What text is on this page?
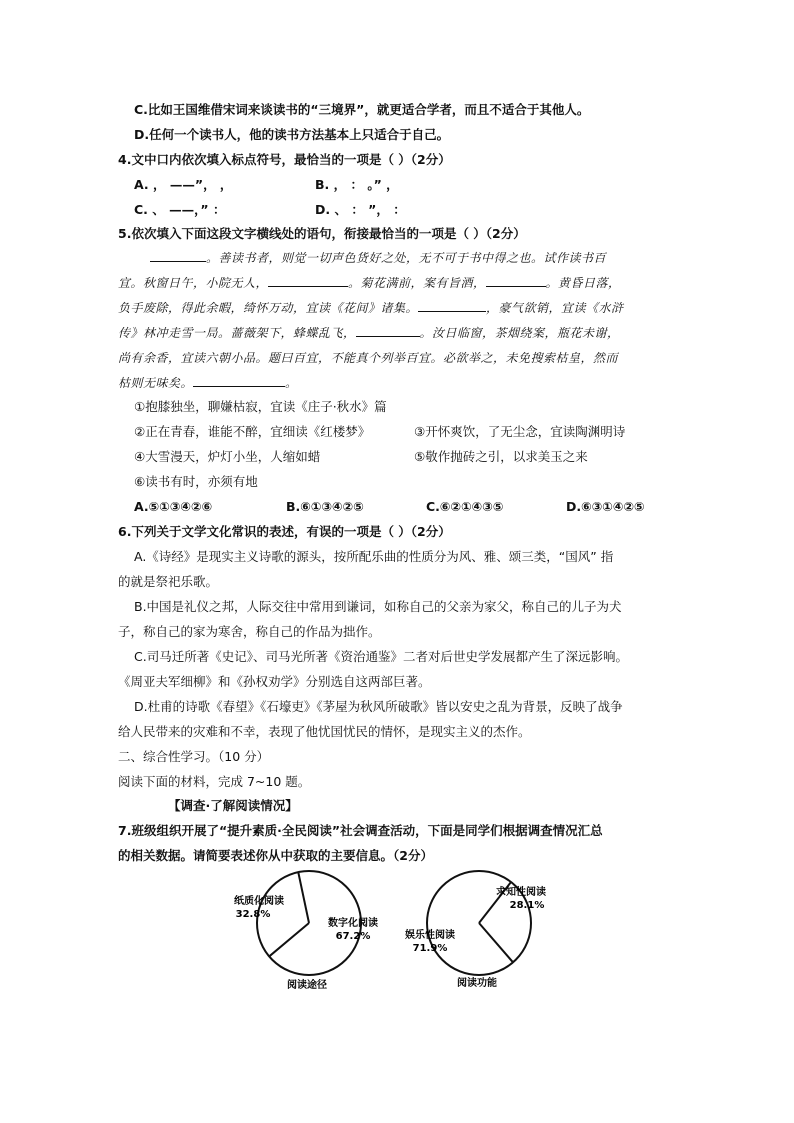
C.比如王国维借宋词来谈读书的“三境界”，就更适合学者，而且不适合于其他人。
D.任何一个读书人，他的读书方法基本上只适合于自己。
4.文中口内依次填入标点符号，最恰当的一项是（ ）（2分）
A. ， ——”， ，	B. ， ： 。” ，
C. 、 ——，” ：	D. 、 ： ”， ：
5.依次填入下面这段文字横线处的语句，衔接最恰当的一项是（ ）（2分）
。善读书者，则觉一切声色货好之处，无不可于书中得之也。试作读书百
宜。秋窗日午，小院无人，	。菊花满前，案有旨酒，	。黄昏日落，
负手废除，得此余暇，绮怀万动，宜读《花间》诸集。	，豪气欲销，宜读《水浒
传》林冲走雪一局。蔷薇架下，蜂蝶乱飞，	。汝日临窗，茶烟绕案，瓶花未谢，
尚有余香，宜读六朝小品。题曰百宜，不能真个列举百宜。必欲举之，未免搜索枯皇，然而
枯则无味矣。	。
①抱膝独坐，聊嫌枯寂，宜读《庄子·秋水》篇
②正在青春，谁能不醉，宜细读《红楼梦》	③开怀爽饮，了无尘念，宜读陶渊明诗
④大雪漫天，炉灯小坐，人缩如蜡	⑤敬作抛砖之引，以求美玉之来
⑥读书有时，亦须有地
A.⑤①③④②⑥	B.⑥①③④②⑤	C.⑥②①④③⑤	D.⑥③①④②⑤
6.下列关于文学文化常识的表述，有误的一项是（ ）（2分）
A.《诗经》是现实主义诗歌的源头，按所配乐曲的性质分为风、雅、颂三类，“国风” 指
的就是祭祀乐歌。
B.中国是礼仪之邦，人际交往中常用到谦词，如称自己的父亲为家父，称自己的儿子为犬
子，称自己的家为寒舍，称自己的作品为拙作。
C.司马迁所著《史记》、司马光所著《资治通鉴》二者对后世史学发展都产生了深远影响。
《周亚夫军细柳》和《孙权劝学》分别选自这两部巨著。
D.杜甫的诗歌《春望》《石壕吏》《茅屋为秋风所破歌》皆以安史之乱为背景，反映了战争
给人民带来的灾难和不幸，表现了他忧国忧民的情怀，是现实主义的杰作。
二、综合性学习。（10 分）
阅读下面的材料，完成 7~10 题。
【调查·了解阅读情况】
7.班级组织开展了“提升素质·全民阅读”社会调查活动，下面是同学们根据调查情况汇总
的相关数据。请简要表述你从中获取的主要信息。（2分）
纸质化阅读
32.8%
数字化阅读
67.2%
阅读途径
求知性阅读
28.1%
娱乐性阅读
71.9%
阅读功能
